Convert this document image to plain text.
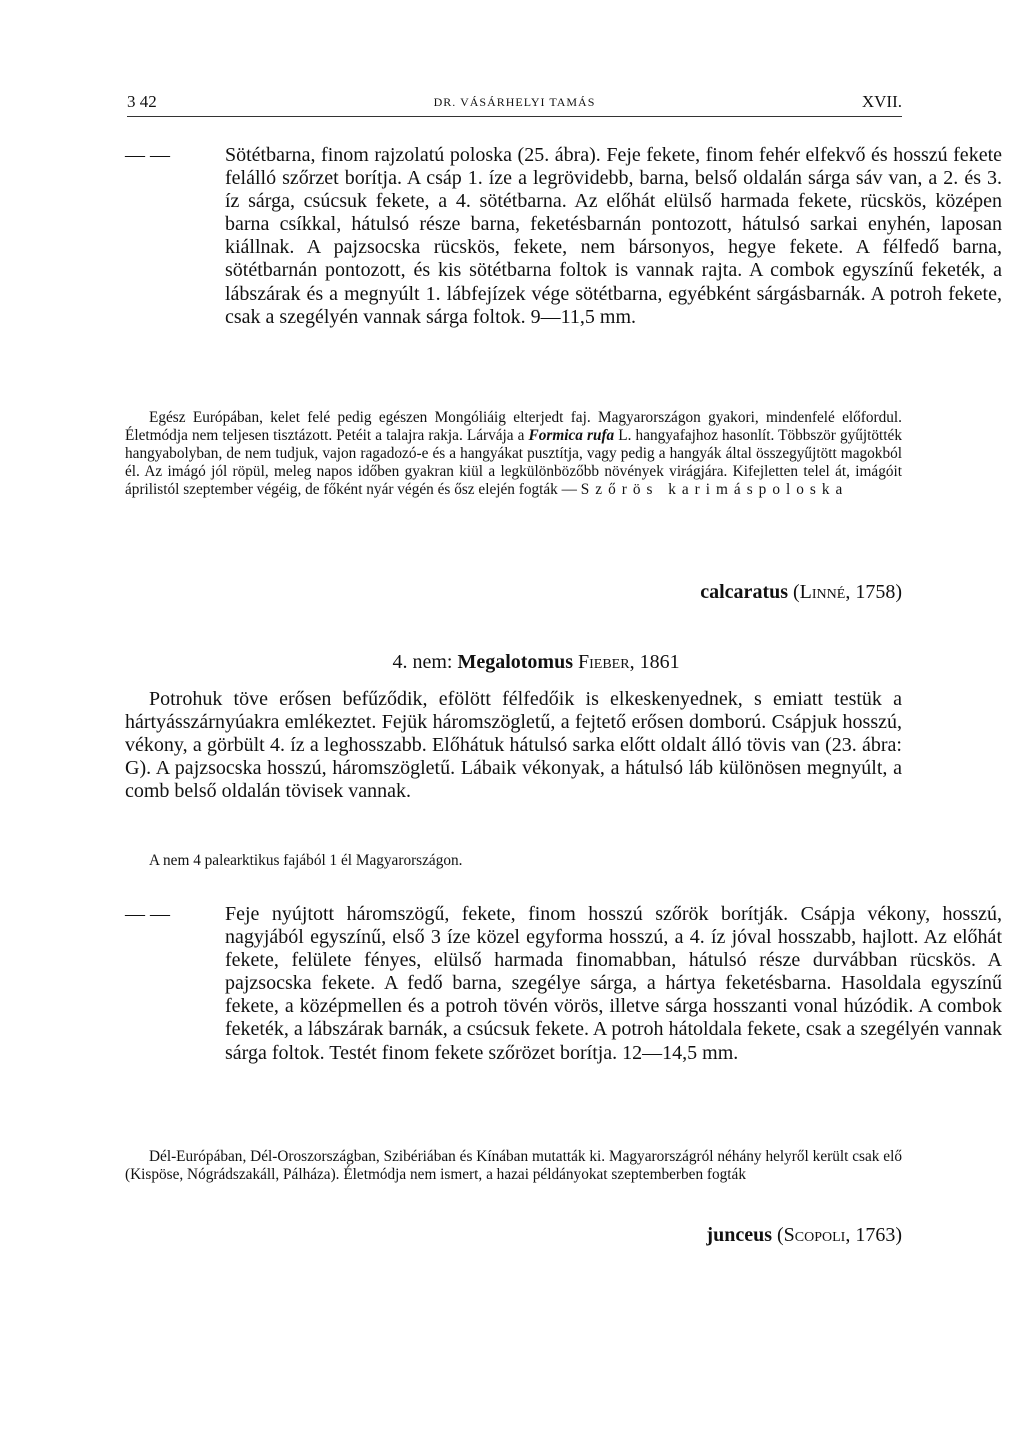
3 42	DR. VÁSÁRHELYI TAMÁS	XVII.
— —	Sötétbarna, finom rajzolatú poloska (25. ábra). Feje fekete, finom fehér elfekvő és hosszú fekete felálló szőrzet borítja. A csáp 1. íze a legrövidebb, barna, belső oldalán sárga sáv van, a 2. és 3. íz sárga, csúcsuk fekete, a 4. sötétbarna. Az előhát elülső harmada fekete, rücskös, középen barna csíkkal, hátulsó része barna, feketésbarnán pontozott, hátulsó sarkai enyhén, laposan kiállnak. A pajzsocska rücskös, fekete, nem bársonyos, hegye fekete. A félfedő barna, sötétbarnán pontozott, és kis sötétbarna foltok is vannak rajta. A combok egyszínű feketék, a lábszárak és a megnyúlt 1. lábfejízek vége sötétbarna, egyébként sárgásbarnák. A potroh fekete, csak a szegélyén vannak sárga foltok. 9—11,5 mm.
Egész Európában, kelet felé pedig egészen Mongóliáig elterjedt faj. Magyarországon gyakori, mindenfelé előfordul. Életmódja nem teljesen tisztázott. Petéit a talajra rakja. Lárvája a Formica rufa L. hangyafajhoz hasonlít. Többször gyűjtötték hangyabolyban, de nem tudjuk, vajon ragadozó-e és a hangyákat pusztítja, vagy pedig a hangyák által összegyűjtött magokból él. Az imágó jól röpül, meleg napos időben gyakran kiül a legkülönbözőbb növények virágjára. Kifejletten telel át, imágóit áprilistól szeptember végéig, de főként nyár végén és ősz elején fogták — Szőrös karimáspoloska
calcaratus (Linné, 1758)
4. nem: Megalotomus Fieber, 1861
Potrohuk töve erősen befűződik, efölött félfedőik is elkeskenyednek, s emiatt testük a hártyásszárnyúakra emlékeztet. Fejük háromszögletű, a fejtető erősen domború. Csápjuk hosszú, vékony, a görbült 4. íz a leghosszabb. Előhátuk hátulsó sarka előtt oldalt álló tövis van (23. ábra: G). A pajzsocska hosszú, háromszögletű. Lábaik vékonyak, a hátulsó láb különösen megnyúlt, a comb belső oldalán tövisek vannak.
A nem 4 palearktikus fajából 1 él Magyarországon.
— —	Feje nyújtott háromszögű, fekete, finom hosszú szőrök borítják. Csápja vékony, hosszú, nagyjából egyszínű, első 3 íze közel egyforma hosszú, a 4. íz jóval hosszabb, hajlott. Az előhát fekete, felülete fényes, elülső harmada finomabban, hátulsó része durvábban rücskös. A pajzsocska fekete. A fedő barna, szegélye sárga, a hártya feketésbarna. Hasoldala egyszínű fekete, a középmellen és a potroh tövén vörös, illetve sárga hosszanti vonal húzódik. A combok feketék, a lábszárak barnák, a csúcsuk fekete. A potroh hátoldala fekete, csak a szegélyén vannak sárga foltok. Testét finom fekete szőrözet borítja. 12—14,5 mm.
Dél-Európában, Dél-Oroszországban, Szibériában és Kínában mutatták ki. Magyarországról néhány helyről került csak elő (Kispöse, Nógrádszakáll, Pálháza). Életmódja nem ismert, a hazai példányokat szeptemberben fogták
junceus (Scopoli, 1763)
